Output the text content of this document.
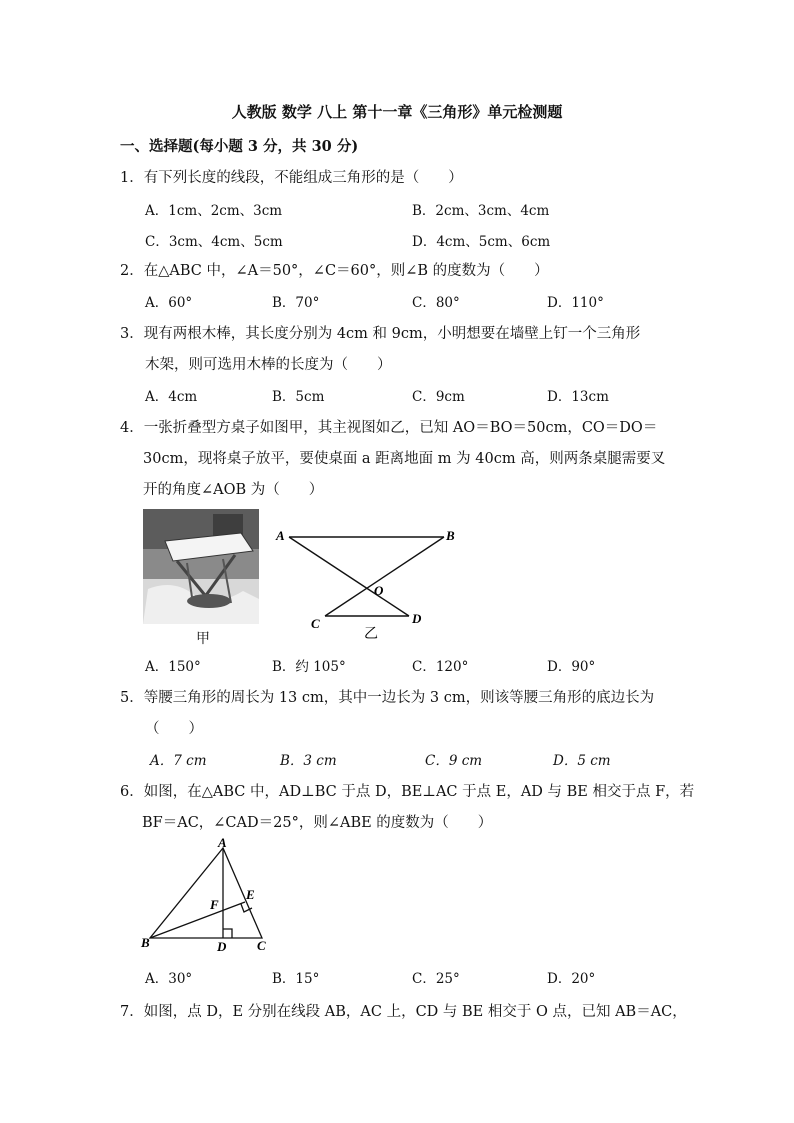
人教版 数学 八上 第十一章《三角形》单元检测题
一、选择题(每小题 3 分，共 30 分)
1．有下列长度的线段，不能组成三角形的是（　　）
A．1cm、2cm、3cm	B．2cm、3cm、4cm
C．3cm、4cm、5cm	D．4cm、5cm、6cm
2．在△ABC 中，∠A＝50°，∠C＝60°，则∠B 的度数为（　　）
A．60°	B．70°	C．80°	D．110°
3．现有两根木棒，其长度分别为 4cm 和 9cm，小明想要在墙壁上钉一个三角形
木架，则可选用木棒的长度为（　　）
A．4cm	B．5cm	C．9cm	D．13cm
4．一张折叠型方桌子如图甲，其主视图如乙，已知 AO＝BO＝50cm，CO＝DO＝
30cm，现将桌子放平，要使桌面 a 距离地面 m 为 40cm 高，则两条桌腿需要叉
开的角度∠AOB 为（　　）
甲
A	B
O
C	D
乙
A．150°	B．约 105°	C．120°	D．90°
5．等腰三角形的周长为 13 cm，其中一边长为 3 cm，则该等腰三角形的底边长为
（　　）
A．7 cm	B．3 cm	C．9 cm	D．5 cm
6．如图，在△ABC 中，AD⊥BC 于点 D，BE⊥AC 于点 E，AD 与 BE 相交于点 F，若
BF＝AC，∠CAD＝25°，则∠ABE 的度数为（　　）
A
B	C
D
E
F
A．30°	B．15°	C．25°	D．20°
7．如图，点 D，E 分别在线段 AB，AC 上，CD 与 BE 相交于 O 点，已知 AB＝AC，
